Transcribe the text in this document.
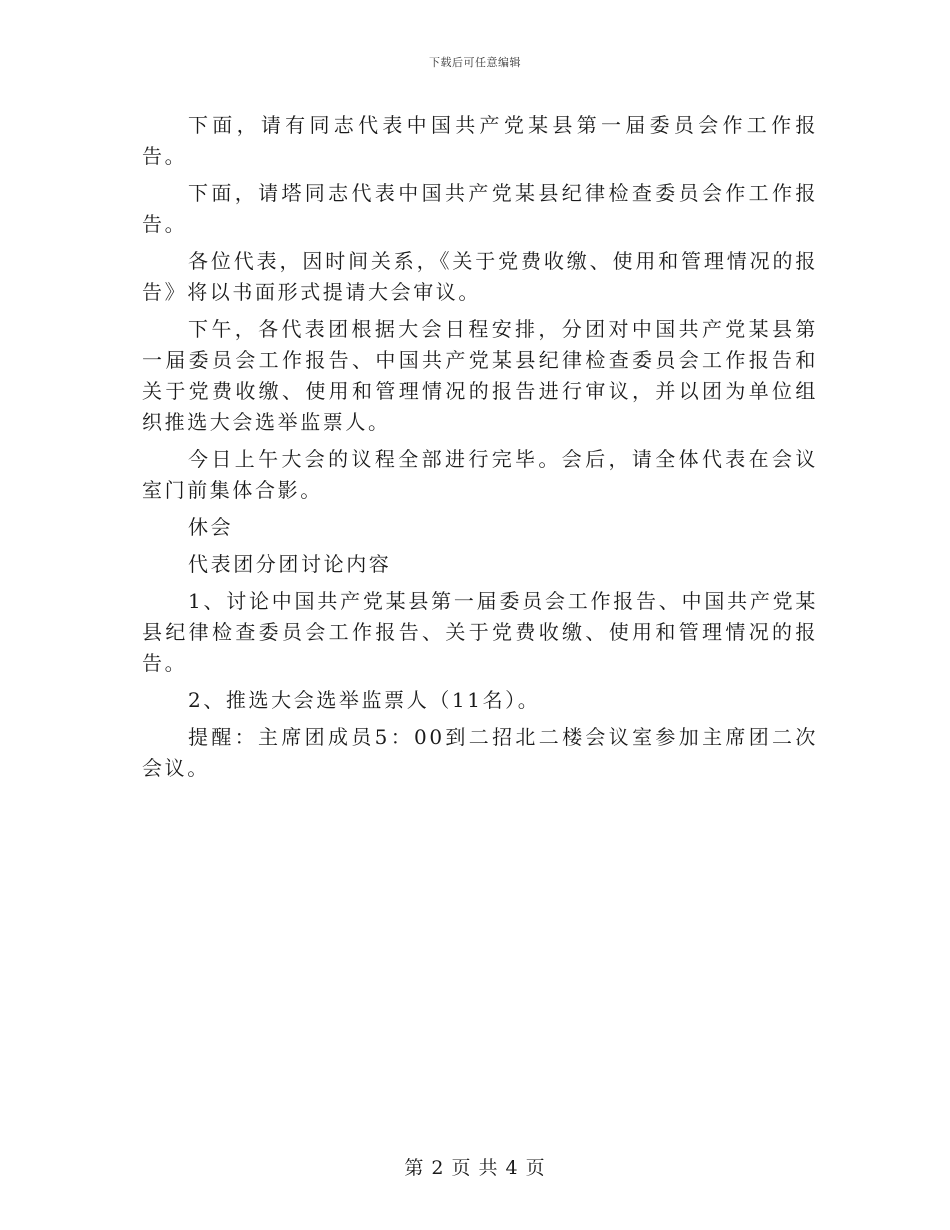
下载后可任意编辑

下面，请有同志代表中国共产党某县第一届委员会作工作报告。

下面，请塔同志代表中国共产党某县纪律检查委员会作工作报告。

各位代表，因时间关系，《关于党费收缴、使用和管理情况的报告》将以书面形式提请大会审议。

下午，各代表团根据大会日程安排，分团对中国共产党某县第一届委员会工作报告、中国共产党某县纪律检查委员会工作报告和关于党费收缴、使用和管理情况的报告进行审议，并以团为单位组织推选大会选举监票人。

今日上午大会的议程全部进行完毕。会后，请全体代表在会议室门前集体合影。

休会

代表团分团讨论内容

1、讨论中国共产党某县第一届委员会工作报告、中国共产党某县纪律检查委员会工作报告、关于党费收缴、使用和管理情况的报告。

2、推选大会选举监票人（11名）。

提醒：主席团成员5：00到二招北二楼会议室参加主席团二次会议。

第 2 页 共 4 页
